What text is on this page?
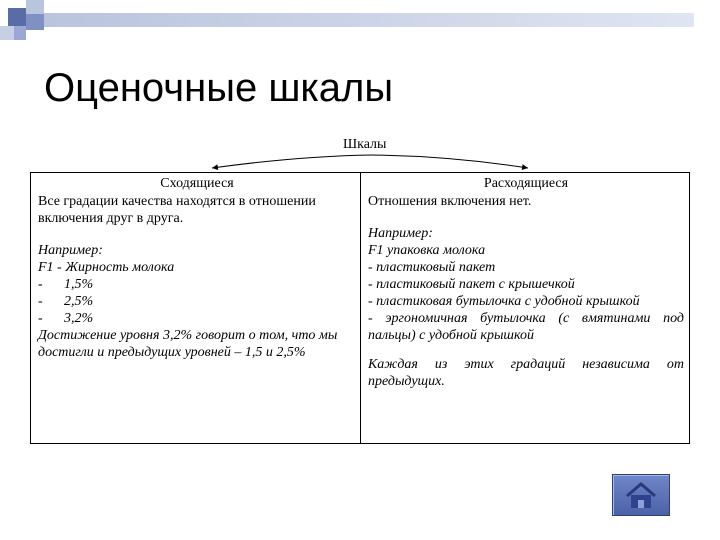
Оценочные шкалы
Шкалы
Сходящиеся

Все градации качества находятся в отношении включения друг в друга.

Например:

F1 - Жирность молока

- 1,5%

- 2,5%

- 3,2%

Достижение уровня 3,2% говорит о том, что мы достигли и предыдущих уровней – 1,5 и 2,5%

Расходящиеся

Отношения включения нет.

Например:

F1 упаковка молока

- пластиковый пакет

- пластиковый пакет с крышечкой

- пластиковая бутылочка с удобной крышкой

- эргономичная бутылочка (с вмятинами под пальцы) с удобной крышкой

Каждая из этих градаций независима от предыдущих.
